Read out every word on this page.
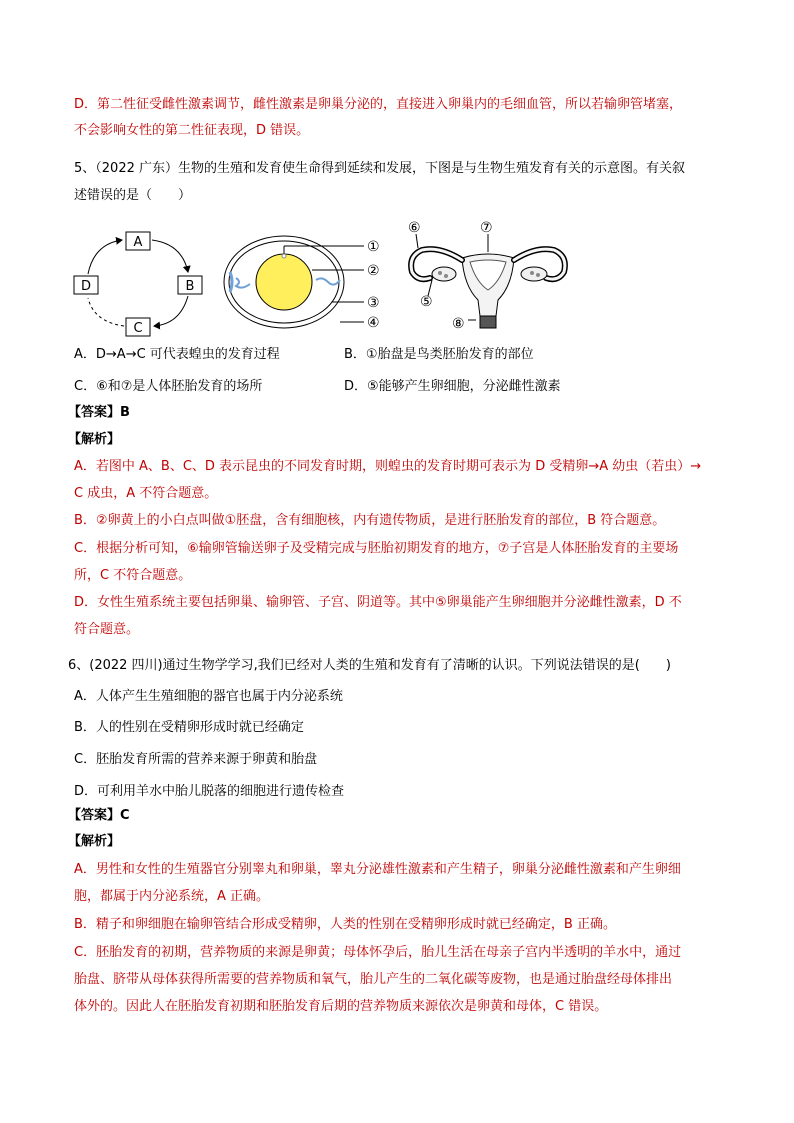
D．第二性征受雌性激素调节，雌性激素是卵巢分泌的，直接进入卵巢内的毛细血管，所以若输卵管堵塞，
不会影响女性的第二性征表现，D 错误。
5、（2022 广东）生物的生殖和发育使生命得到延续和发展，下图是与生物生殖发育有关的示意图。有关叙
述错误的是（　　）
A
B
C
D
①
②
③
④
⑥	⑦
⑤
⑧
A．D→A→C 可代表蝗虫的发育过程	B．①胎盘是鸟类胚胎发育的部位
C．⑥和⑦是人体胚胎发育的场所	D．⑤能够产生卵细胞，分泌雌性激素
【答案】B
【解析】
A．若图中 A、B、C、D 表示昆虫的不同发育时期，则蝗虫的发育时期可表示为 D 受精卵→A 幼虫（若虫）→
C 成虫，A 不符合题意。
B．②卵黄上的小白点叫做①胚盘，含有细胞核，内有遗传物质，是进行胚胎发育的部位，B 符合题意。
C．根据分析可知，⑥输卵管输送卵子及受精完成与胚胎初期发育的地方，⑦子宫是人体胚胎发育的主要场
所，C 不符合题意。
D．女性生殖系统主要包括卵巢、输卵管、子宫、阴道等。其中⑤卵巢能产生卵细胞并分泌雌性激素，D 不
符合题意。
6、(2022 四川)通过生物学学习,我们已经对人类的生殖和发育有了清晰的认识。下列说法错误的是(　　)
A．人体产生生殖细胞的器官也属于内分泌系统
B．人的性别在受精卵形成时就已经确定
C．胚胎发育所需的营养来源于卵黄和胎盘
D．可利用羊水中胎儿脱落的细胞进行遗传检查
【答案】C
【解析】
A．男性和女性的生殖器官分别睾丸和卵巢，睾丸分泌雄性激素和产生精子，卵巢分泌雌性激素和产生卵细
胞，都属于内分泌系统，A 正确。
B．精子和卵细胞在输卵管结合形成受精卵，人类的性别在受精卵形成时就已经确定，B 正确。
C．胚胎发育的初期，营养物质的来源是卵黄；母体怀孕后，胎儿生活在母亲子宫内半透明的羊水中，通过
胎盘、脐带从母体获得所需要的营养物质和氧气，胎儿产生的二氧化碳等废物，也是通过胎盘经母体排出
体外的。因此人在胚胎发育初期和胚胎发育后期的营养物质来源依次是卵黄和母体，C 错误。
